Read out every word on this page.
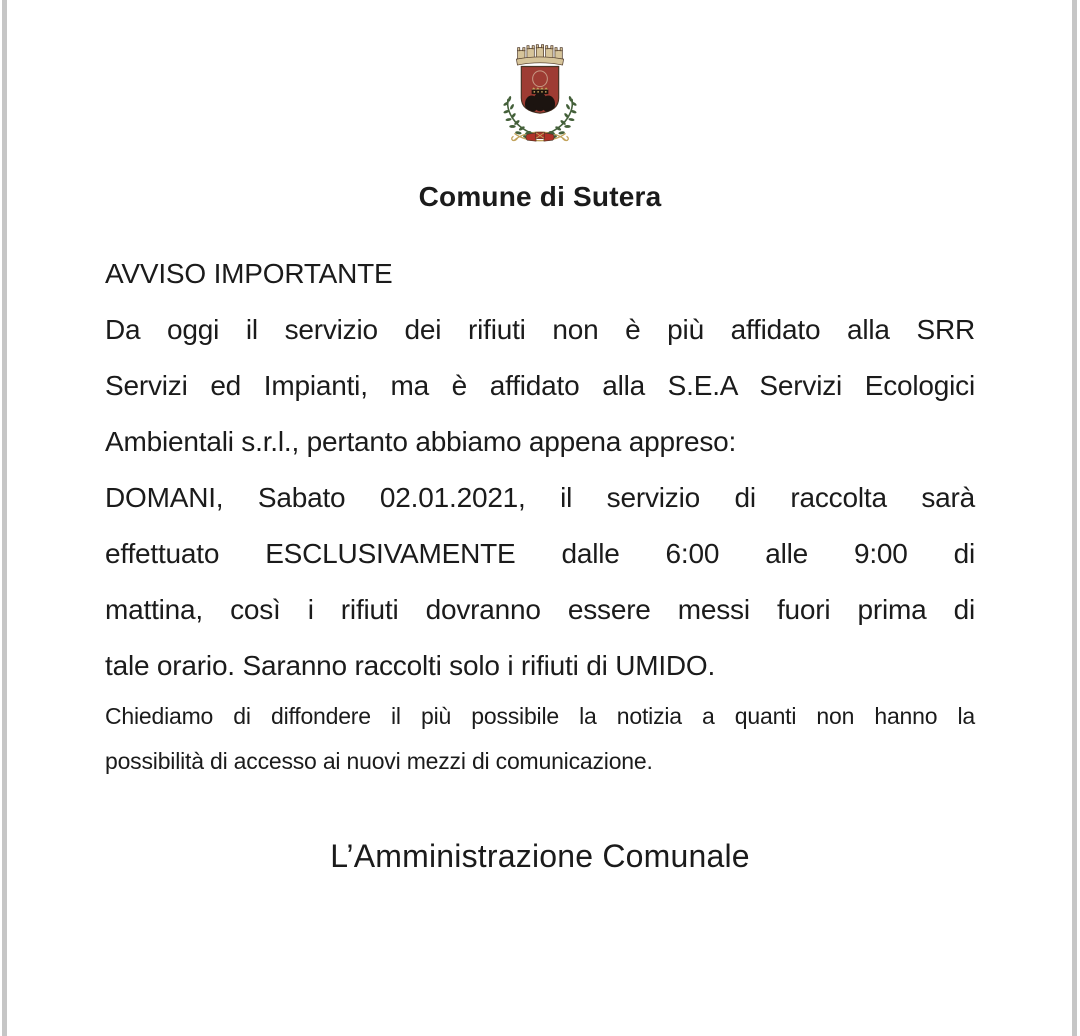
Comune di Sutera
AVVISO IMPORTANTE
Da oggi il servizio dei rifiuti non è più affidato alla SRR
Servizi ed Impianti, ma è affidato alla S.E.A Servizi Ecologici
Ambientali s.r.l., pertanto abbiamo appena appreso:
DOMANI, Sabato 02.01.2021, il servizio di raccolta sarà
effettuato ESCLUSIVAMENTE dalle 6:00 alle 9:00 di
mattina, così i rifiuti dovranno essere messi fuori prima di
tale orario. Saranno raccolti solo i rifiuti di UMIDO.
Chiediamo di diffondere il più possibile la notizia a quanti non hanno la
possibilità di accesso ai nuovi mezzi di comunicazione.
L’Amministrazione Comunale
